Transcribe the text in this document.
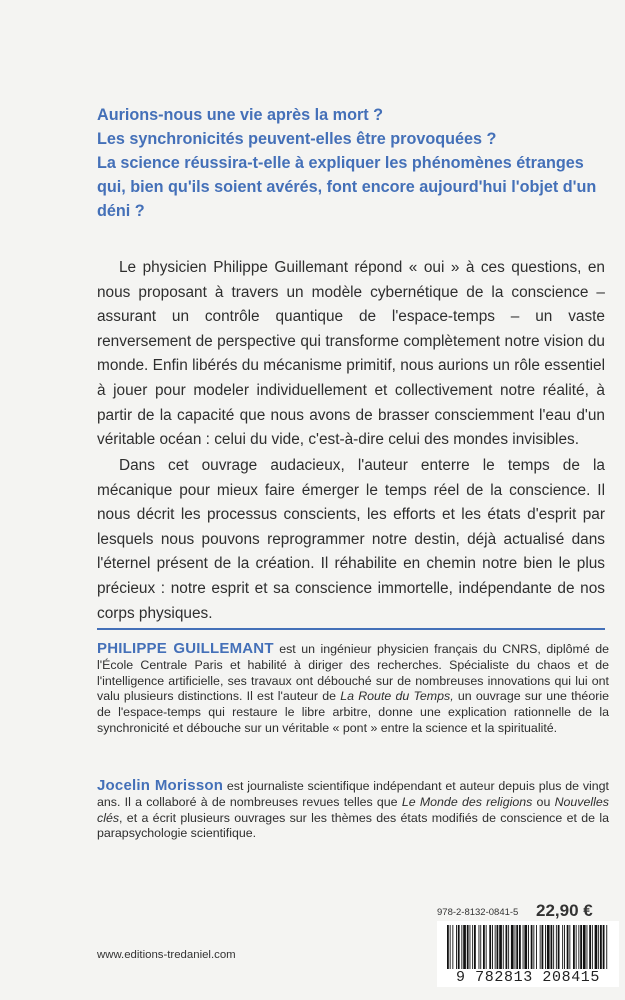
Aurions-nous une vie après la mort ?
Les synchronicités peuvent-elles être provoquées ?
La science réussira-t-elle à expliquer les phénomènes étranges qui, bien qu'ils soient avérés, font encore aujourd'hui l'objet d'un déni ?
Le physicien Philippe Guillemant répond « oui » à ces questions, en nous proposant à travers un modèle cybernétique de la conscience – assurant un contrôle quantique de l'espace-temps – un vaste renversement de perspective qui transforme complètement notre vision du monde. Enfin libérés du mécanisme primitif, nous aurions un rôle essentiel à jouer pour modeler individuellement et collectivement notre réalité, à partir de la capacité que nous avons de brasser consciemment l'eau d'un véritable océan : celui du vide, c'est-à-dire celui des mondes invisibles.
Dans cet ouvrage audacieux, l'auteur enterre le temps de la mécanique pour mieux faire émerger le temps réel de la conscience. Il nous décrit les processus conscients, les efforts et les états d'esprit par lesquels nous pouvons reprogrammer notre destin, déjà actualisé dans l'éternel présent de la création. Il réhabilite en chemin notre bien le plus précieux : notre esprit et sa conscience immortelle, indépendante de nos corps physiques.
PHILIPPE GUILLEMANT est un ingénieur physicien français du CNRS, diplômé de l'École Centrale Paris et habilité à diriger des recherches. Spécialiste du chaos et de l'intelligence artificielle, ses travaux ont débouché sur de nombreuses innovations qui lui ont valu plusieurs distinctions. Il est l'auteur de La Route du Temps, un ouvrage sur une théorie de l'espace-temps qui restaure le libre arbitre, donne une explication rationnelle de la synchronicité et débouche sur un véritable « pont » entre la science et la spiritualité.
Jocelin Morisson est journaliste scientifique indépendant et auteur depuis plus de vingt ans. Il a collaboré à de nombreuses revues telles que Le Monde des religions ou Nouvelles clés, et a écrit plusieurs ouvrages sur les thèmes des états modifiés de conscience et de la parapsychologie scientifique.
978-2-8132-0841-5 22,90 €
9 782813 208415
www.editions-tredaniel.com
